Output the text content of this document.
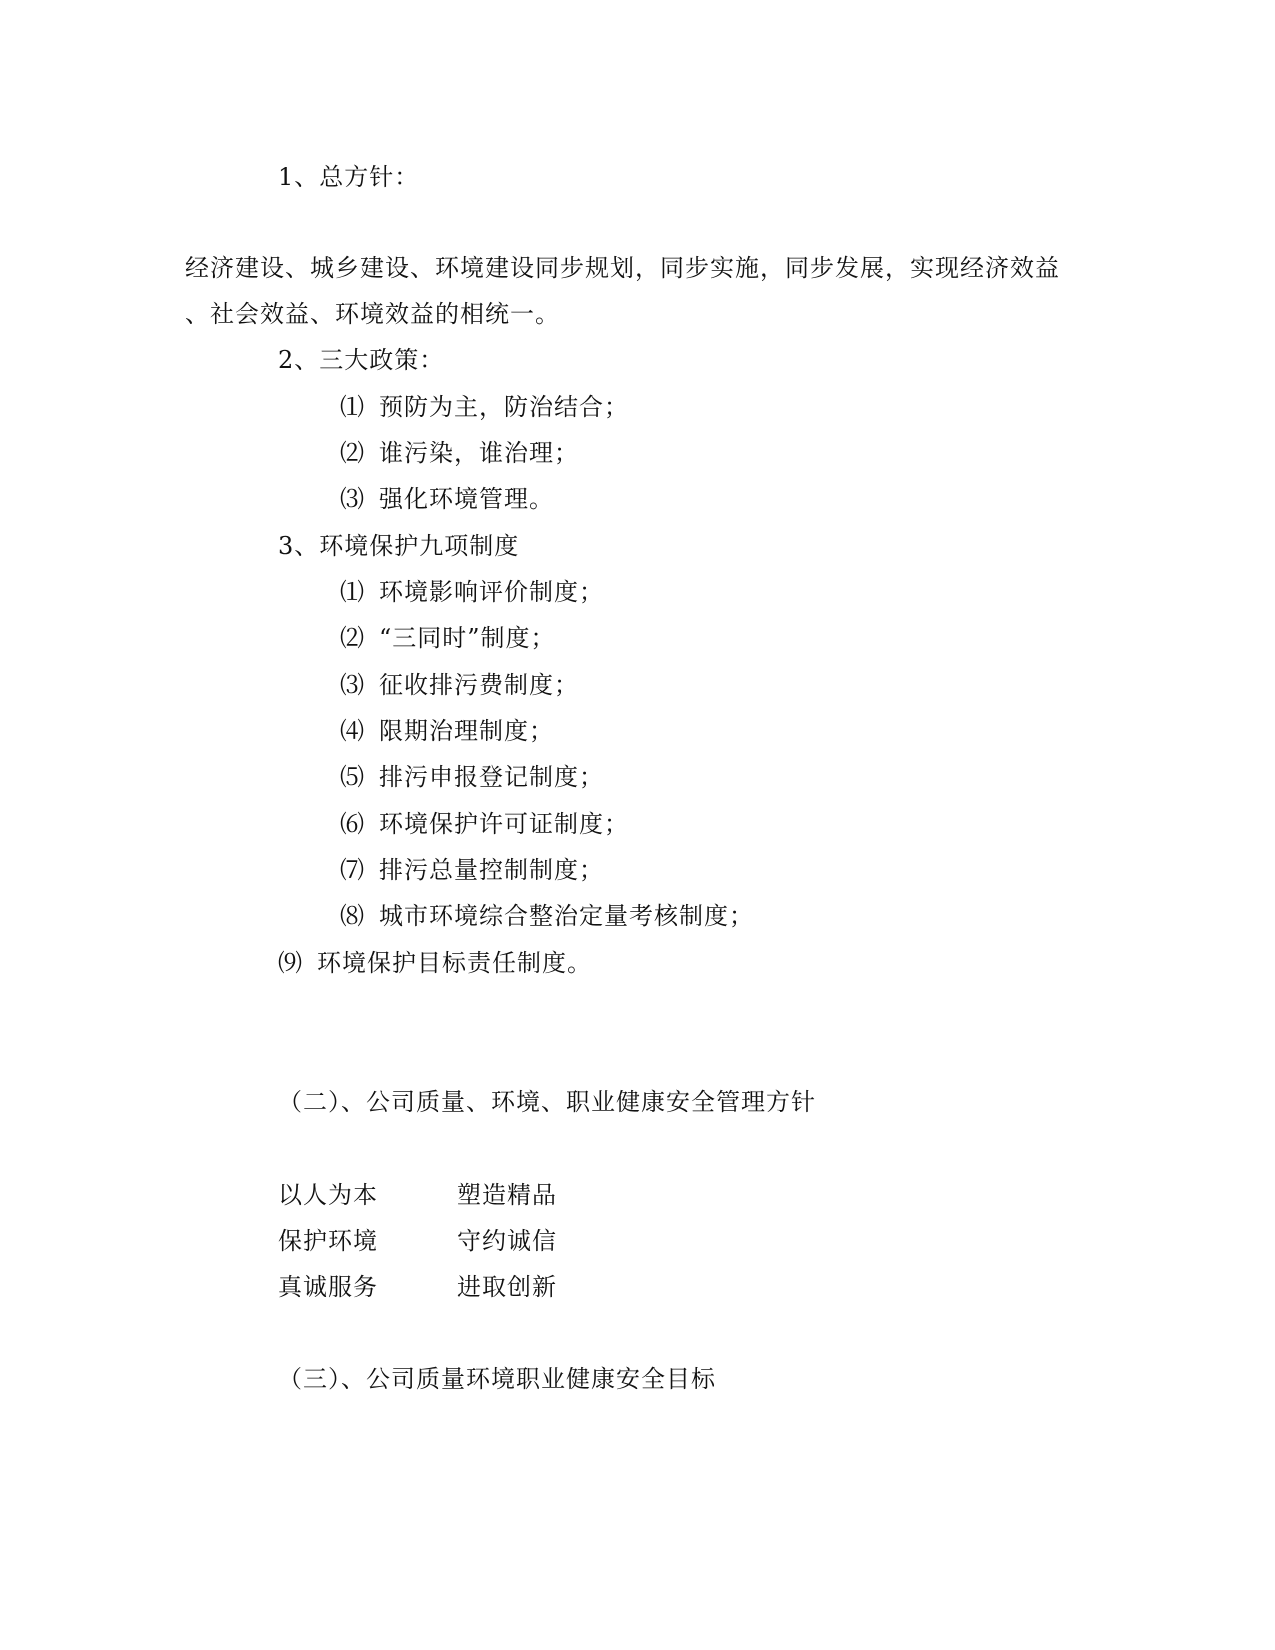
1、总方针：
经济建设、城乡建设、环境建设同步规划，同步实施，同步发展，实现经济效益
、社会效益、环境效益的相统一。
2、三大政策：
⑴ 预防为主，防治结合；
⑵ 谁污染，谁治理；
⑶ 强化环境管理。
3、环境保护九项制度
⑴ 环境影响评价制度；
⑵ “三同时”制度；
⑶ 征收排污费制度；
⑷ 限期治理制度；
⑸ 排污申报登记制度；
⑹ 环境保护许可证制度；
⑺ 排污总量控制制度；
⑻ 城市环境综合整治定量考核制度；
⑼ 环境保护目标责任制度。
（二）、公司质量、环境、职业健康安全管理方针
以人为本	塑造精品
保护环境	守约诚信
真诚服务	进取创新
（三）、公司质量环境职业健康安全目标
